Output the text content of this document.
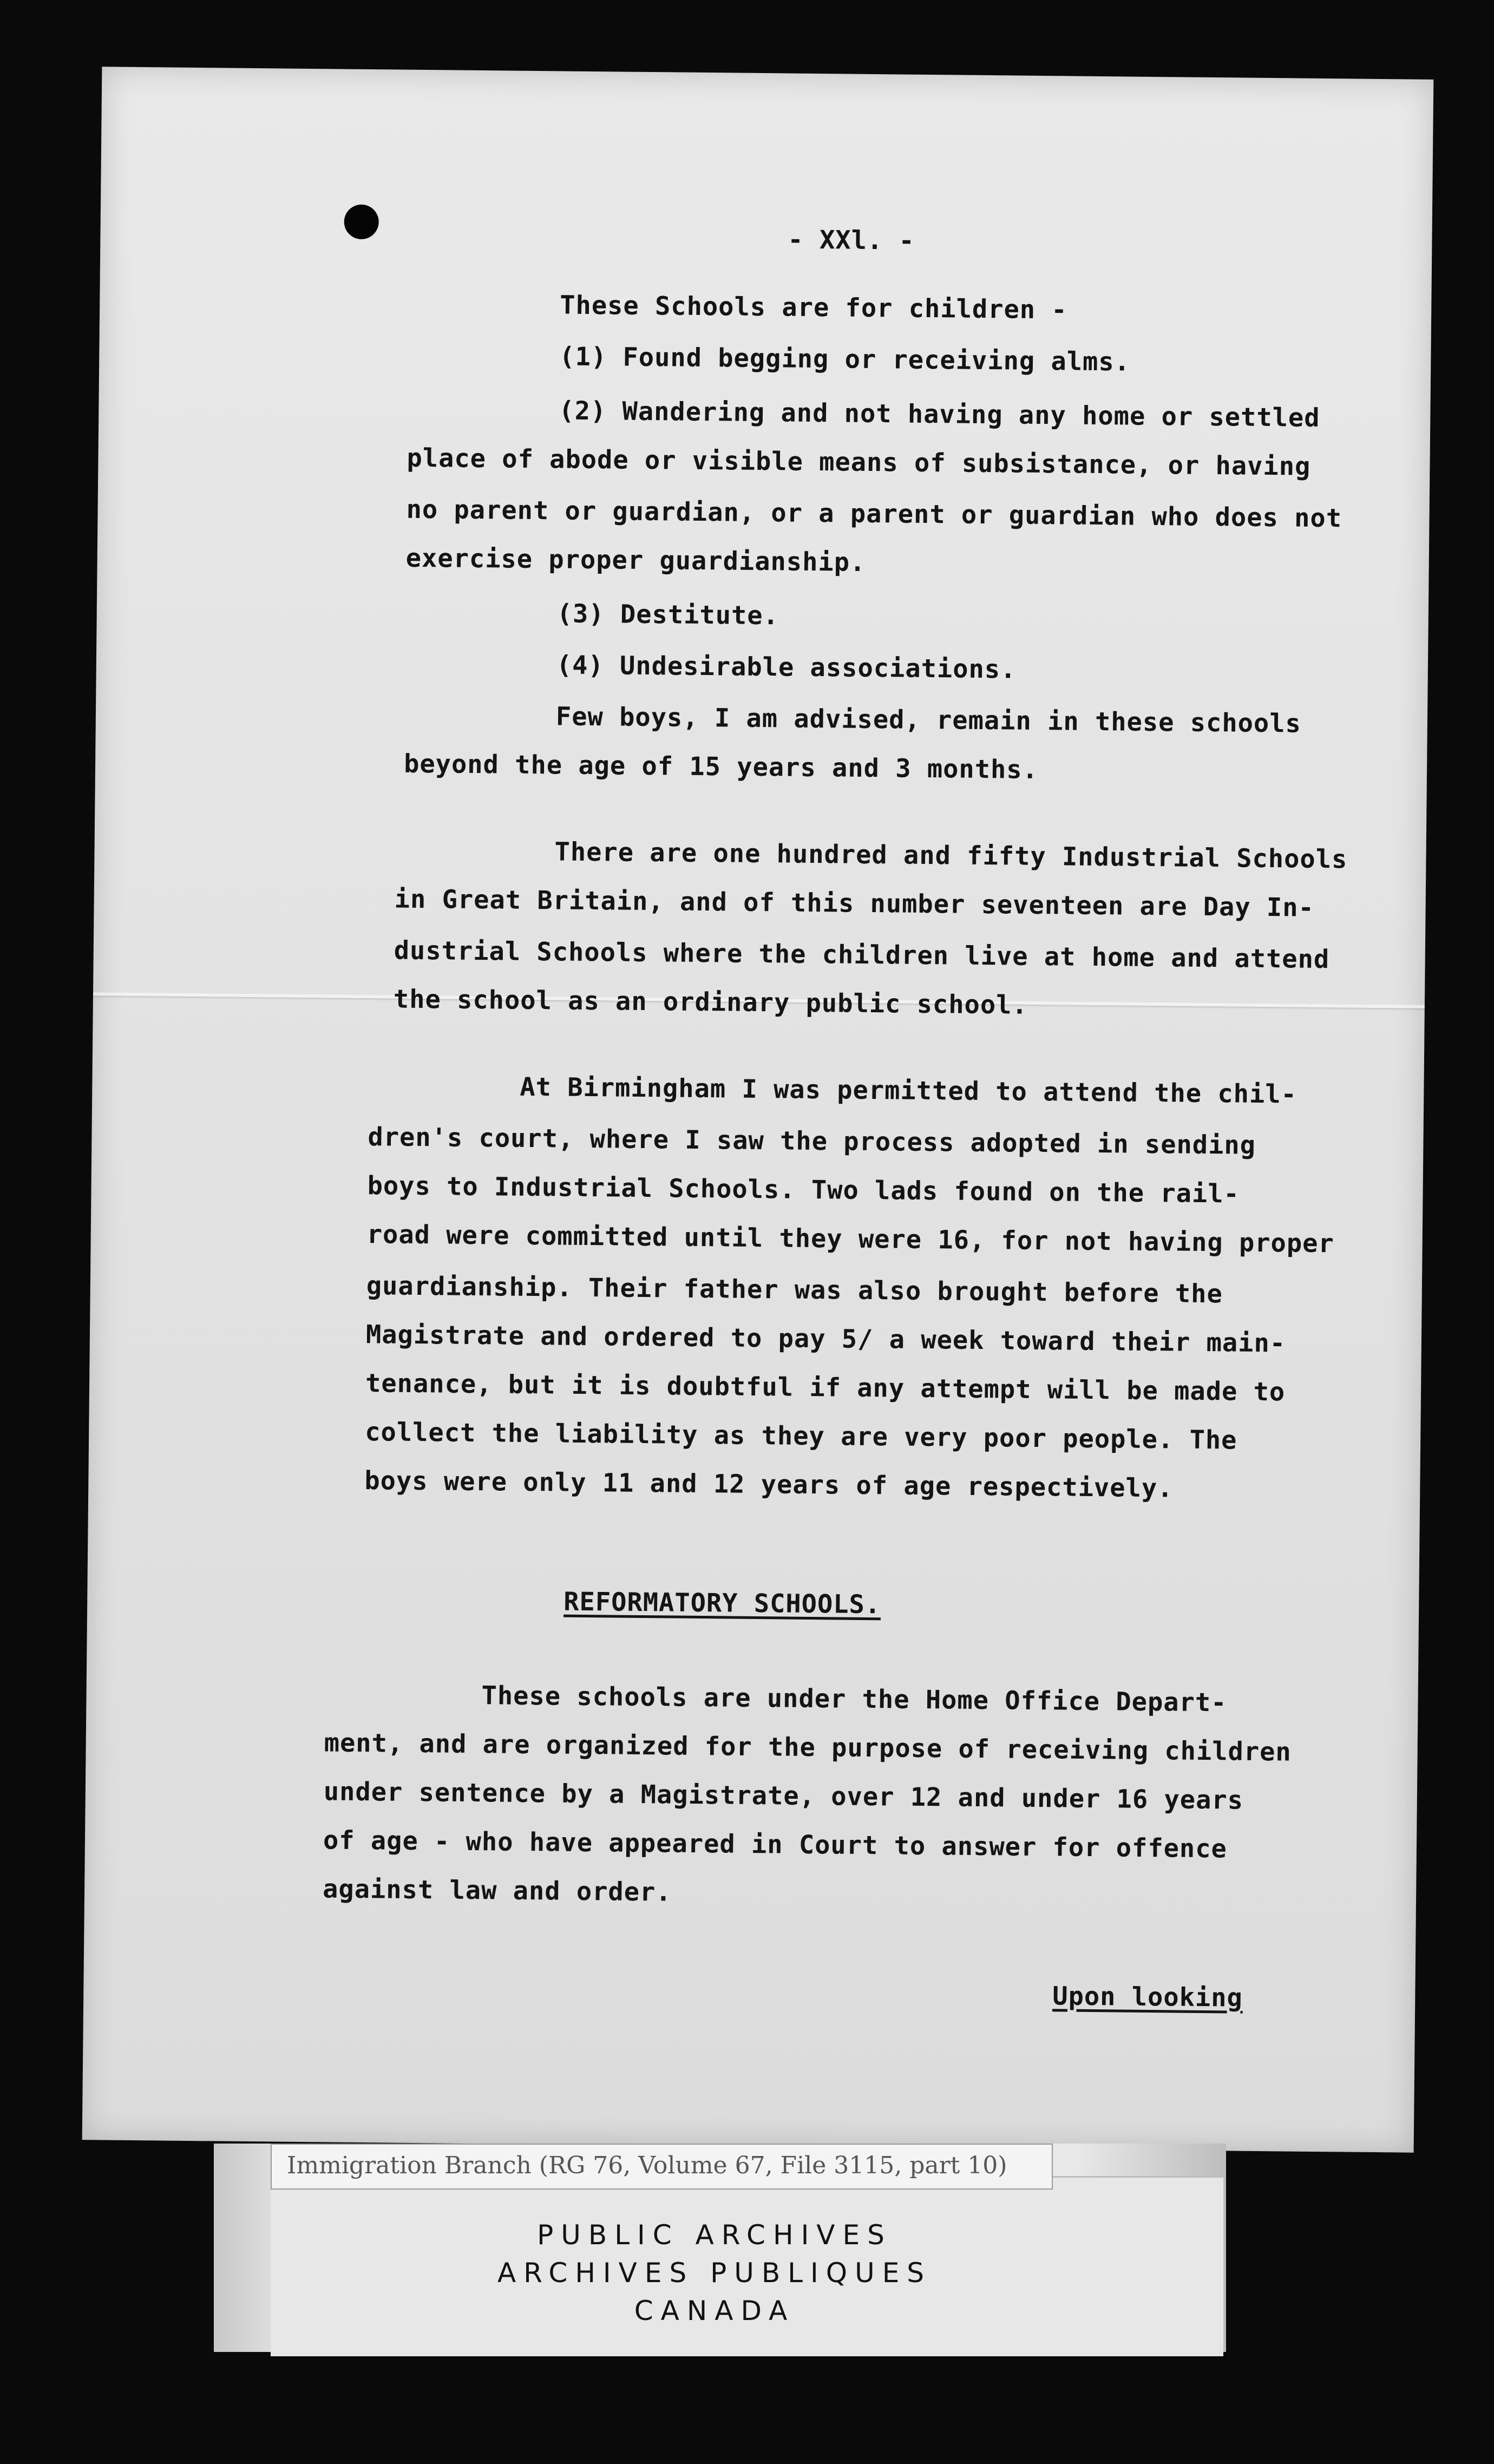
- XXl. -
These Schools are for children -
(1) Found begging or receiving alms.
(2) Wandering and not having any home or settled
place of abode or visible means of subsistance, or having
no parent or guardian, or a parent or guardian who does not
exercise proper guardianship.
(3) Destitute.
(4) Undesirable associations.
Few boys, I am advised, remain in these schools
beyond the age of 15 years and 3 months.
There are one hundred and fifty Industrial Schools
in Great Britain, and of this number seventeen are Day In-
dustrial Schools where the children live at home and attend
the school as an ordinary public school.
At Birmingham I was permitted to attend the chil-
dren's court, where I saw the process adopted in sending
boys to Industrial Schools. Two lads found on the rail-
road were committed until they were 16, for not having proper
guardianship. Their father was also brought before the
Magistrate and ordered to pay 5/ a week toward their main-
tenance, but it is doubtful if any attempt will be made to
collect the liability as they are very poor people. The
boys were only 11 and 12 years of age respectively.
REFORMATORY SCHOOLS.
These schools are under the Home Office Depart-
ment, and are organized for the purpose of receiving children
under sentence by a Magistrate, over 12 and under 16 years
of age - who have appeared in Court to answer for offence
against law and order.
Upon looking
Immigration Branch (RG 76, Volume 67, File 3115, part 10)
PUBLIC ARCHIVES
ARCHIVES PUBLIQUES
CANADA
